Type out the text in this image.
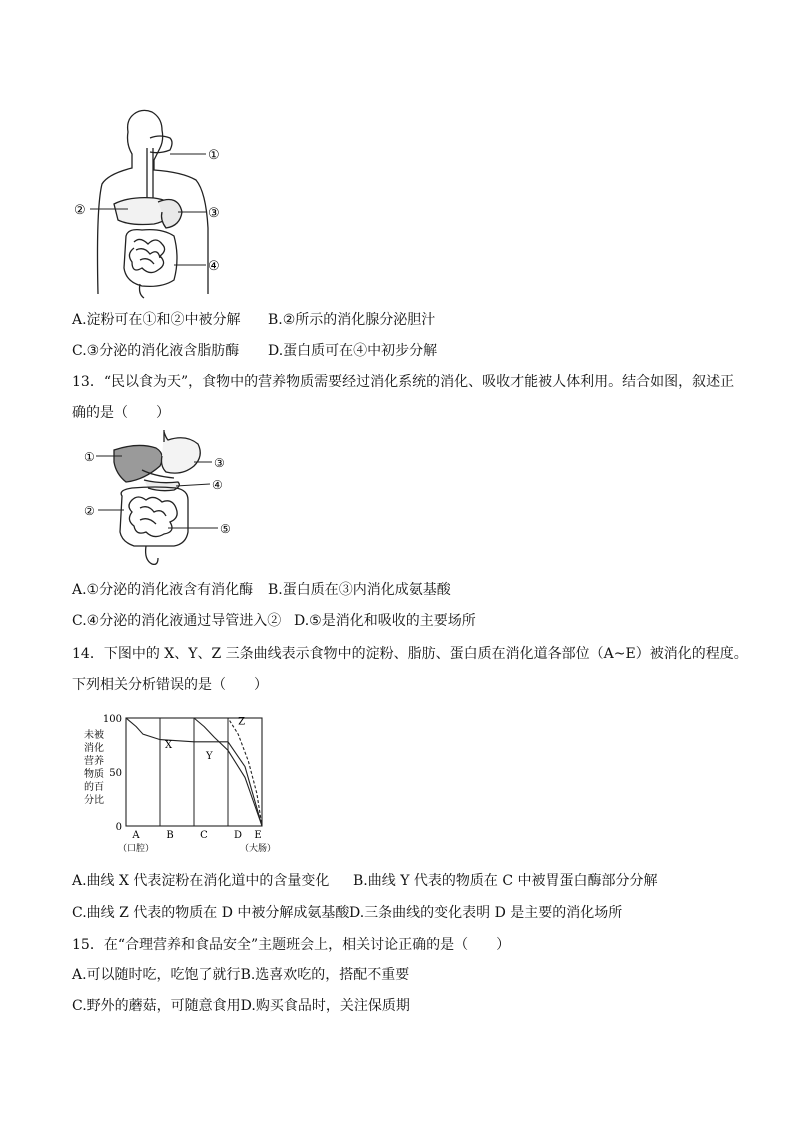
①
②	③
④
A.淀粉可在①和②中被分解 B.②所示的消化腺分泌胆汁
C.③分泌的消化液含脂肪酶 D.蛋白质可在④中初步分解
13．“民以食为天”，食物中的营养物质需要经过消化系统的消化、吸收才能被人体利用。结合如图，叙述正
确的是（　　）
①
②
③
④
⑤
A.①分泌的消化液含有消化酶 B.蛋白质在③内消化成氨基酸
C.④分泌的消化液通过导管进入② D.⑤是消化和吸收的主要场所
14．下图中的 X、Y、Z 三条曲线表示食物中的淀粉、脂肪、蛋白质在消化道各部位（A~E）被消化的程度。
下列相关分析错误的是（　　）
未被
消化
营养
物质
的百
分比
100
50
0
X
Y
Z
A
（口腔）
B	C	D E
（大肠）
A.曲线 X 代表淀粉在消化道中的含量变化 B.曲线 Y 代表的物质在 C 中被胃蛋白酶部分分解
C.曲线 Z 代表的物质在 D 中被分解成氨基酸D.三条曲线的变化表明 D 是主要的消化场所
15．在“合理营养和食品安全”主题班会上，相关讨论正确的是（　　）
A.可以随时吃，吃饱了就行B.选喜欢吃的，搭配不重要
C.野外的蘑菇，可随意食用D.购买食品时，关注保质期
